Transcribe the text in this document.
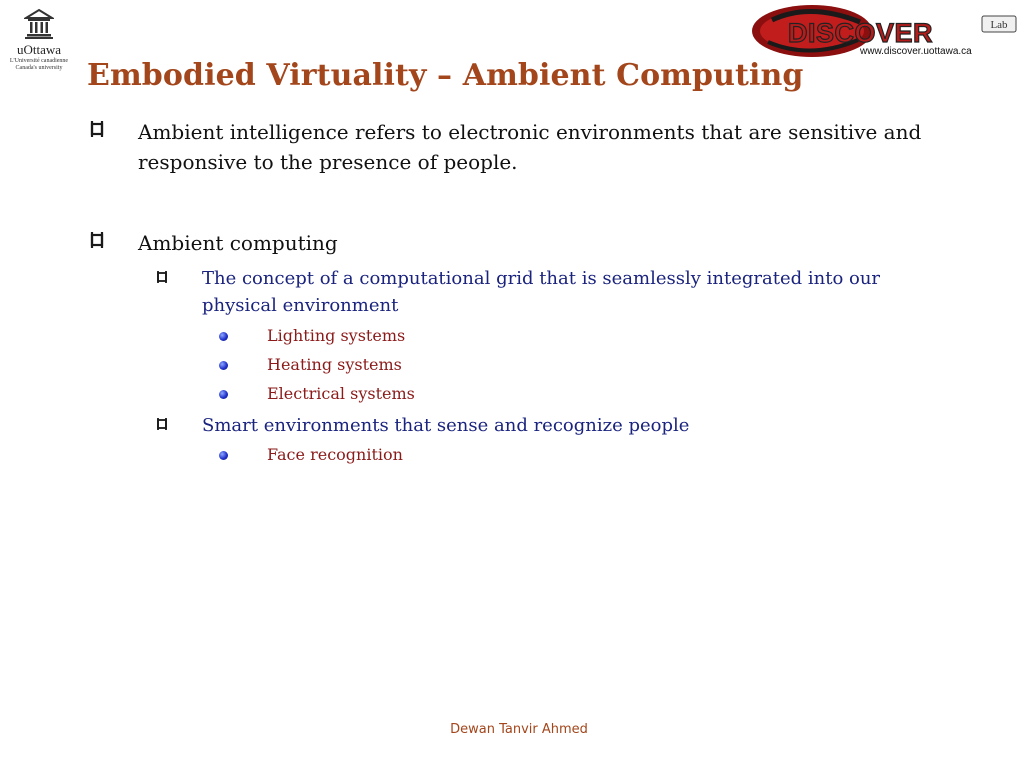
uOttawa
L'Université canadienne
Canada's university
Lab
DISCOVER
www.discover.uottawa.ca
Embodied Virtuality – Ambient Computing
Ambient intelligence refers to electronic environments that are sensitive and responsive to the presence of people.
Ambient computing
The concept of a computational grid that is seamlessly integrated into our physical environment
Lighting systems
Heating systems
Electrical systems
Smart environments that sense and recognize people
Face recognition
Dewan Tanvir Ahmed
